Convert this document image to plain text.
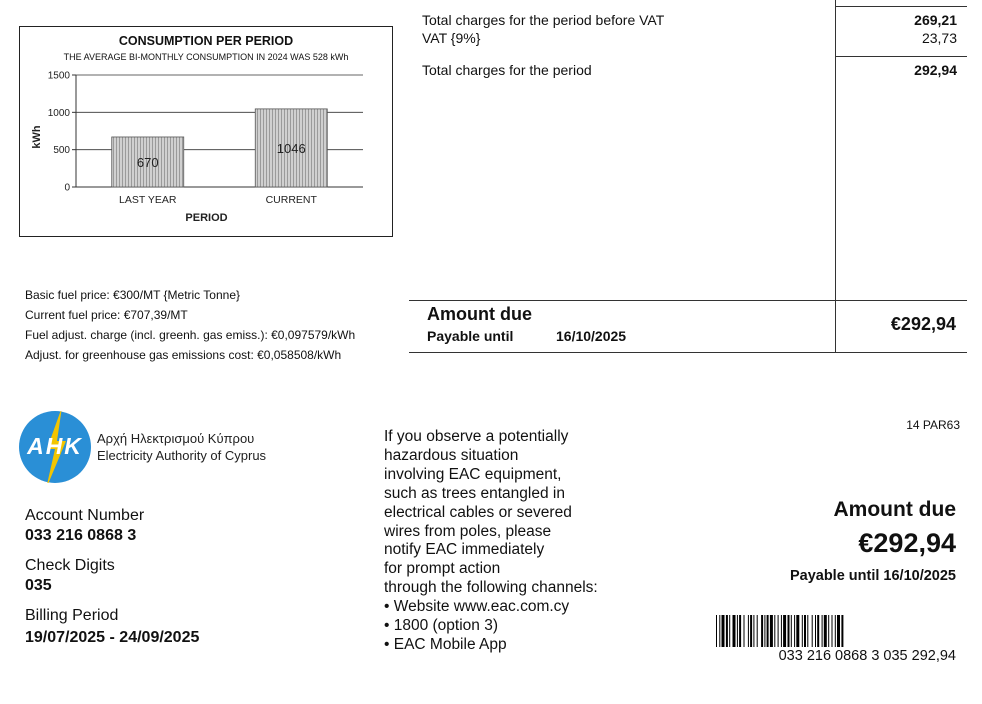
CONSUMPTION PER PERIOD
THE AVERAGE BI-MONTHLY CONSUMPTION IN 2024 WAS 528 kWh
0
500
1000
1500
670
LAST YEAR
1046
CURRENT
PERIOD
kWh
Total charges for the period before VAT	269,21
VAT {9%}	23,73
Total charges for the period	292,94
Basic fuel price: €300/MT {Metric Tonne}
Current fuel price: €707,39/MT
Fuel adjust. charge (incl. greenh. gas emiss.): €0,097579/kWh
Adjust. for greenhouse gas emissions cost: €0,058508/kWh
Amount due
Payable until	16/10/2025
€292,94
AHK	Αρχή Ηλεκτρισμού Κύπρου
Electricity Authority of Cyprus
Account Number
033 216 0868 3
Check Digits
035
Billing Period
19/07/2025 - 24/09/2025
If you observe a potentially
hazardous situation
involving EAC equipment,
such as trees entangled in
electrical cables or severed
wires from poles, please
notify EAC immediately
for prompt action
through the following channels:
• Website www.eac.com.cy
• 1800 (option 3)
• EAC Mobile App
14 PAR63
Amount due
€292,94
Payable until 16/10/2025
033 216 0868 3 035 292,94
